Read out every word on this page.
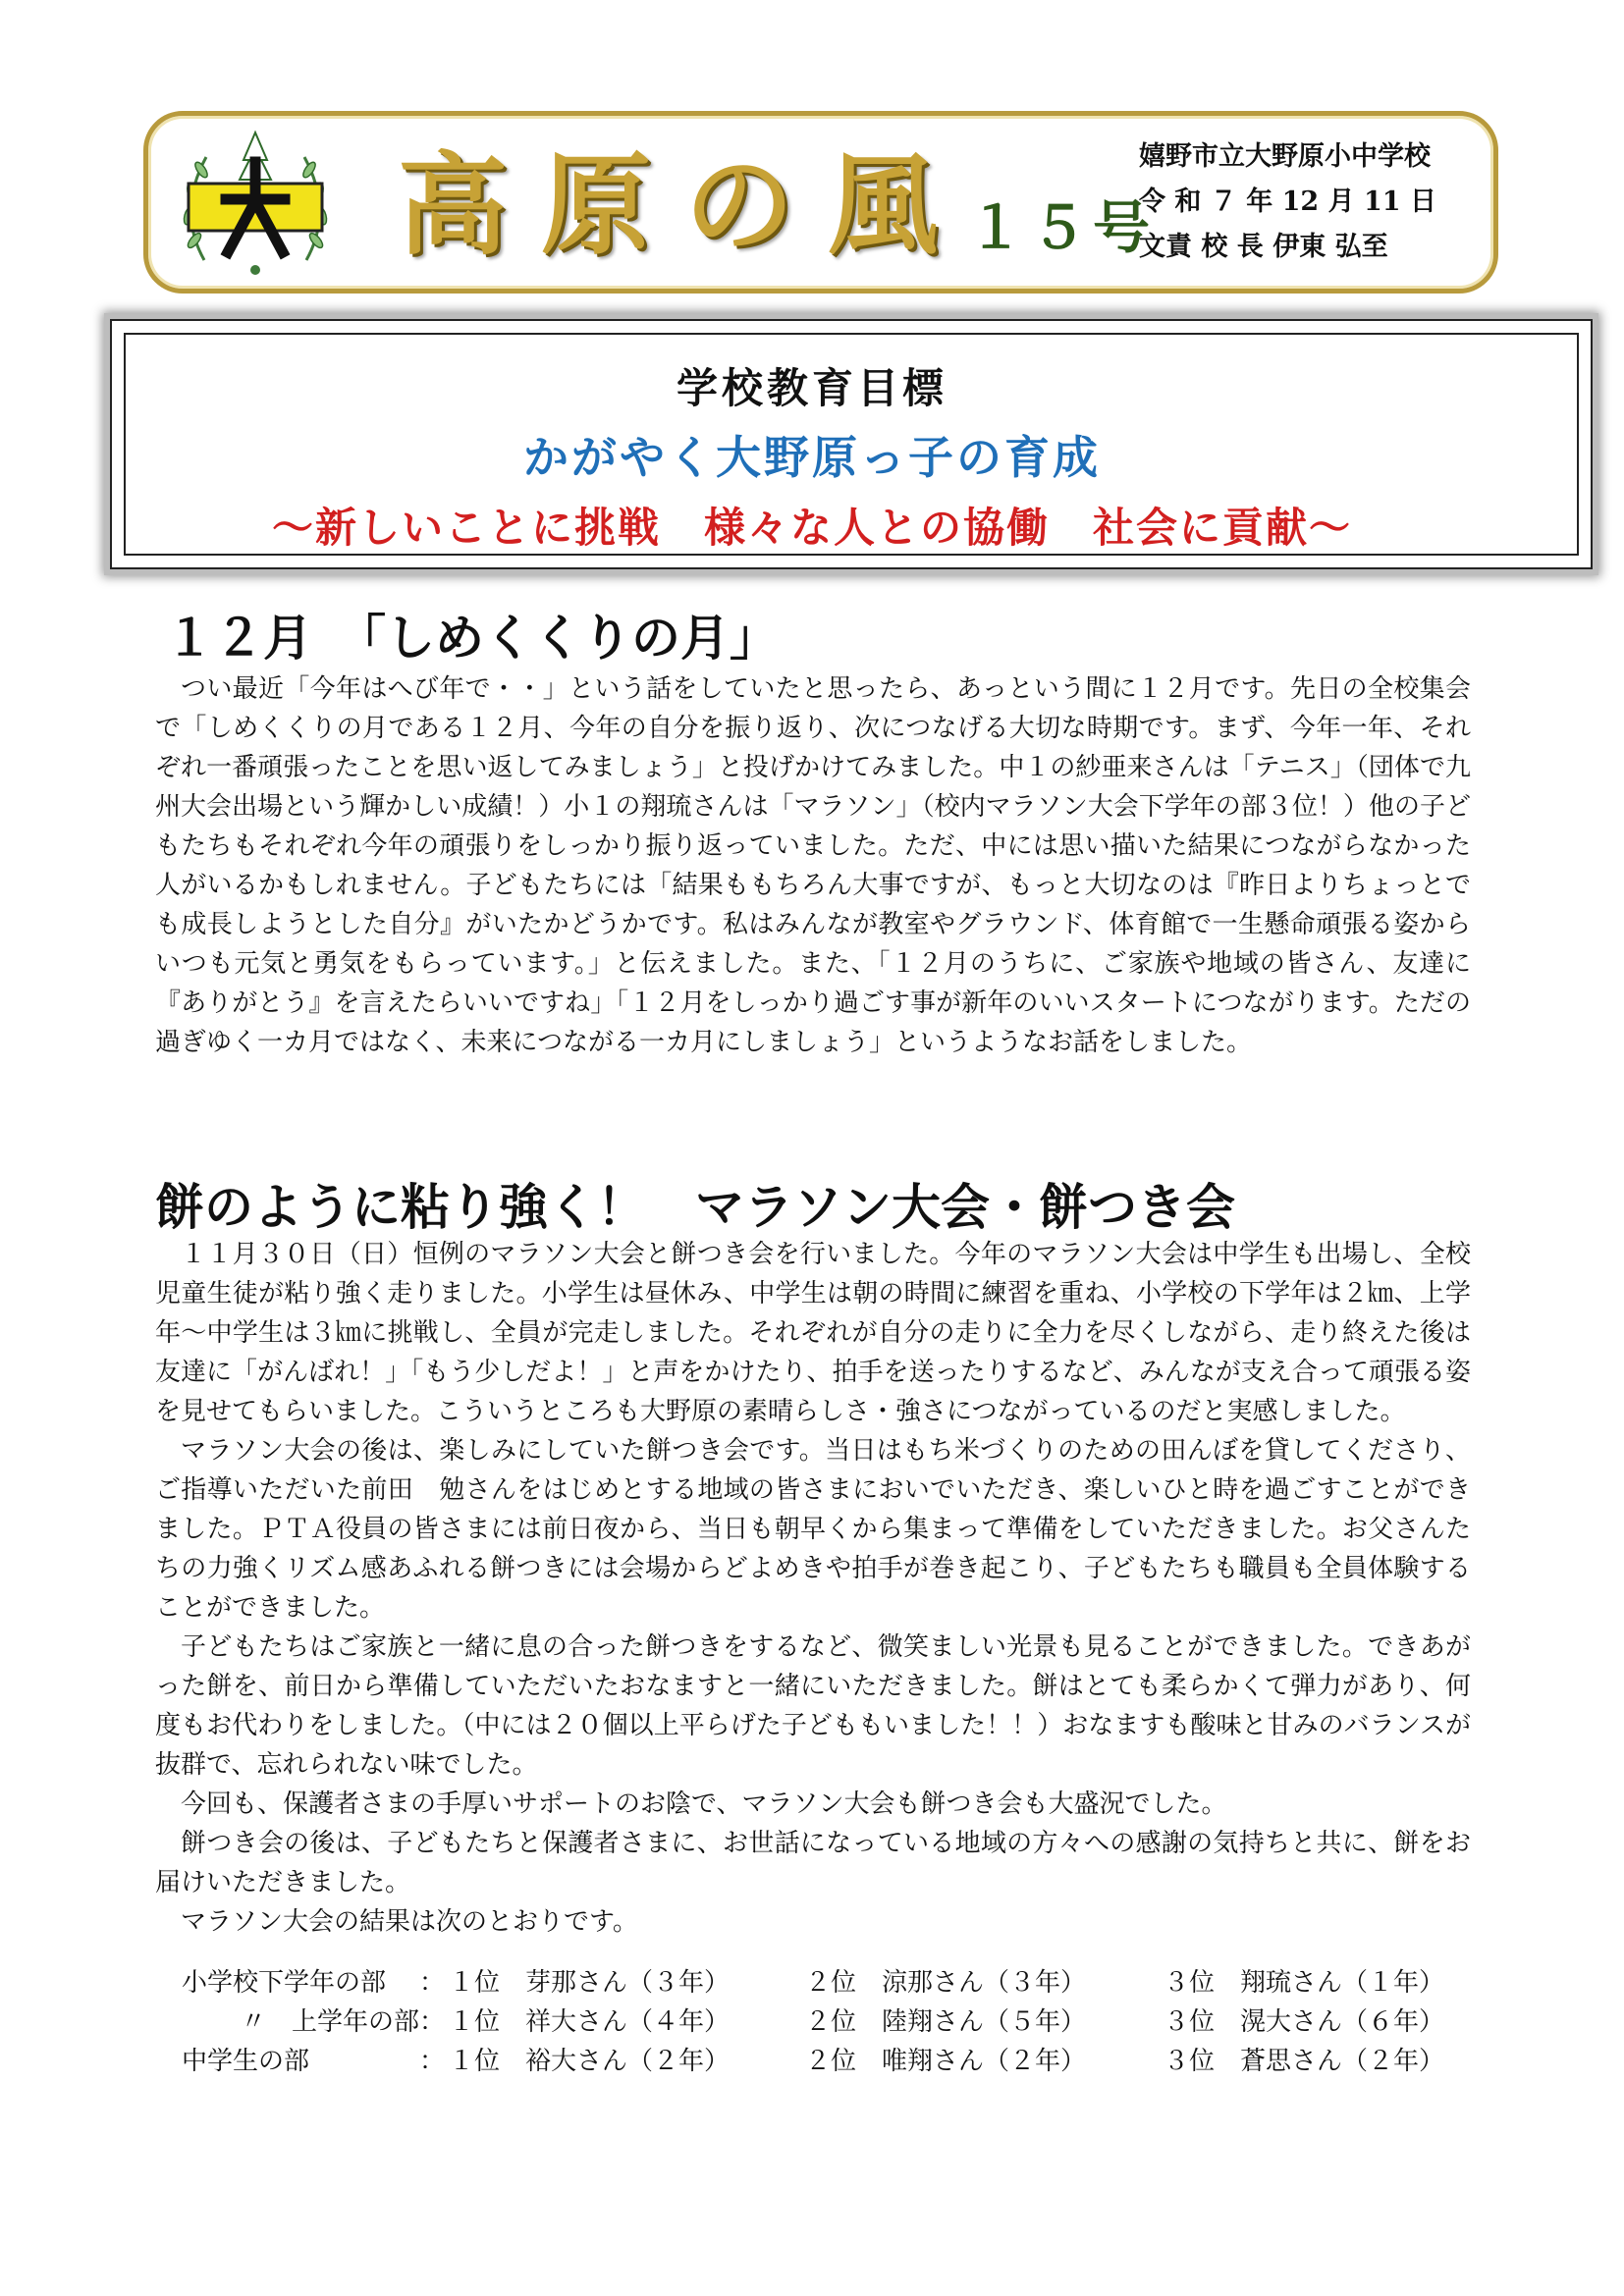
高原の風
１５号
嬉野市立大野原小中学校
令 和 ７ 年 12 月 11 日
文責 校 長 伊東 弘至
学校教育目標
かがやく大野原っ子の育成
～新しいことに挑戦　様々な人との協働　社会に貢献～
１２月　「しめくくりの月」

つい最近「今年はへび年で・・」という話をしていたと思ったら、あっという間に１２月です。先日の全校集会で「しめくくりの月である１２月、今年の自分を振り返り、次につなげる大切な時期です。まず、今年一年、それぞれ一番頑張ったことを思い返してみましょう」と投げかけてみました。中１の紗亜来さんは「テニス」（団体で九州大会出場という輝かしい成績！）小１の翔琉さんは「マラソン」（校内マラソン大会下学年の部３位！）他の子どもたちもそれぞれ今年の頑張りをしっかり振り返っていました。ただ、中には思い描いた結果につながらなかった人がいるかもしれません。子どもたちには「結果ももちろん大事ですが、もっと大切なのは『昨日よりちょっとでも成長しようとした自分』がいたかどうかです。私はみんなが教室やグラウンド、体育館で一生懸命頑張る姿からいつも元気と勇気をもらっています。」と伝えました。また、「１２月のうちに、ご家族や地域の皆さん、友達に『ありがとう』を言えたらいいですね」「１２月をしっかり過ごす事が新年のいいスタートにつながります。ただの過ぎゆく一カ月ではなく、未来につながる一カ月にしましょう」というようなお話をしました。

餅のように粘り強く！　マラソン大会・餅つき会

１１月３０日（日）恒例のマラソン大会と餅つき会を行いました。今年のマラソン大会は中学生も出場し、全校児童生徒が粘り強く走りました。小学生は昼休み、中学生は朝の時間に練習を重ね、小学校の下学年は２㎞、上学年～中学生は３㎞に挑戦し、全員が完走しました。それぞれが自分の走りに全力を尽くしながら、走り終えた後は友達に「がんばれ！」「もう少しだよ！」と声をかけたり、拍手を送ったりするなど、みんなが支え合って頑張る姿を見せてもらいました。こういうところも大野原の素晴らしさ・強さにつながっているのだと実感しました。

マラソン大会の後は、楽しみにしていた餅つき会です。当日はもち米づくりのための田んぼを貸してくださり、ご指導いただいた前田　勉さんをはじめとする地域の皆さまにおいでいただき、楽しいひと時を過ごすことができました。ＰＴＡ役員の皆さまには前日夜から、当日も朝早くから集まって準備をしていただきました。お父さんたちの力強くリズム感あふれる餅つきには会場からどよめきや拍手が巻き起こり、子どもたちも職員も全員体験することができました。

子どもたちはご家族と一緒に息の合った餅つきをするなど、微笑ましい光景も見ることができました。できあがった餅を、前日から準備していただいたおなますと一緒にいただきました。餅はとても柔らかくて弾力があり、何度もお代わりをしました。（中には２０個以上平らげた子どももいました！！）おなますも酸味と甘みのバランスが抜群で、忘れられない味でした。

今回も、保護者さまの手厚いサポートのお陰で、マラソン大会も餅つき会も大盛況でした。

餅つき会の後は、子どもたちと保護者さまに、お世話になっている地域の方々への感謝の気持ちと共に、餅をお届けいただきました。

マラソン大会の結果は次のとおりです。

小学校下学年の部 ： １位　芽那さん（３年）	２位　涼那さん（３年）	３位　翔琉さん（１年）
〃　上学年の部 ： １位　祥大さん（４年）	２位　陸翔さん（５年）	３位　滉大さん（６年）
中学生の部	： １位　裕大さん（２年）	２位　唯翔さん（２年）	３位　蒼思さん（２年）
